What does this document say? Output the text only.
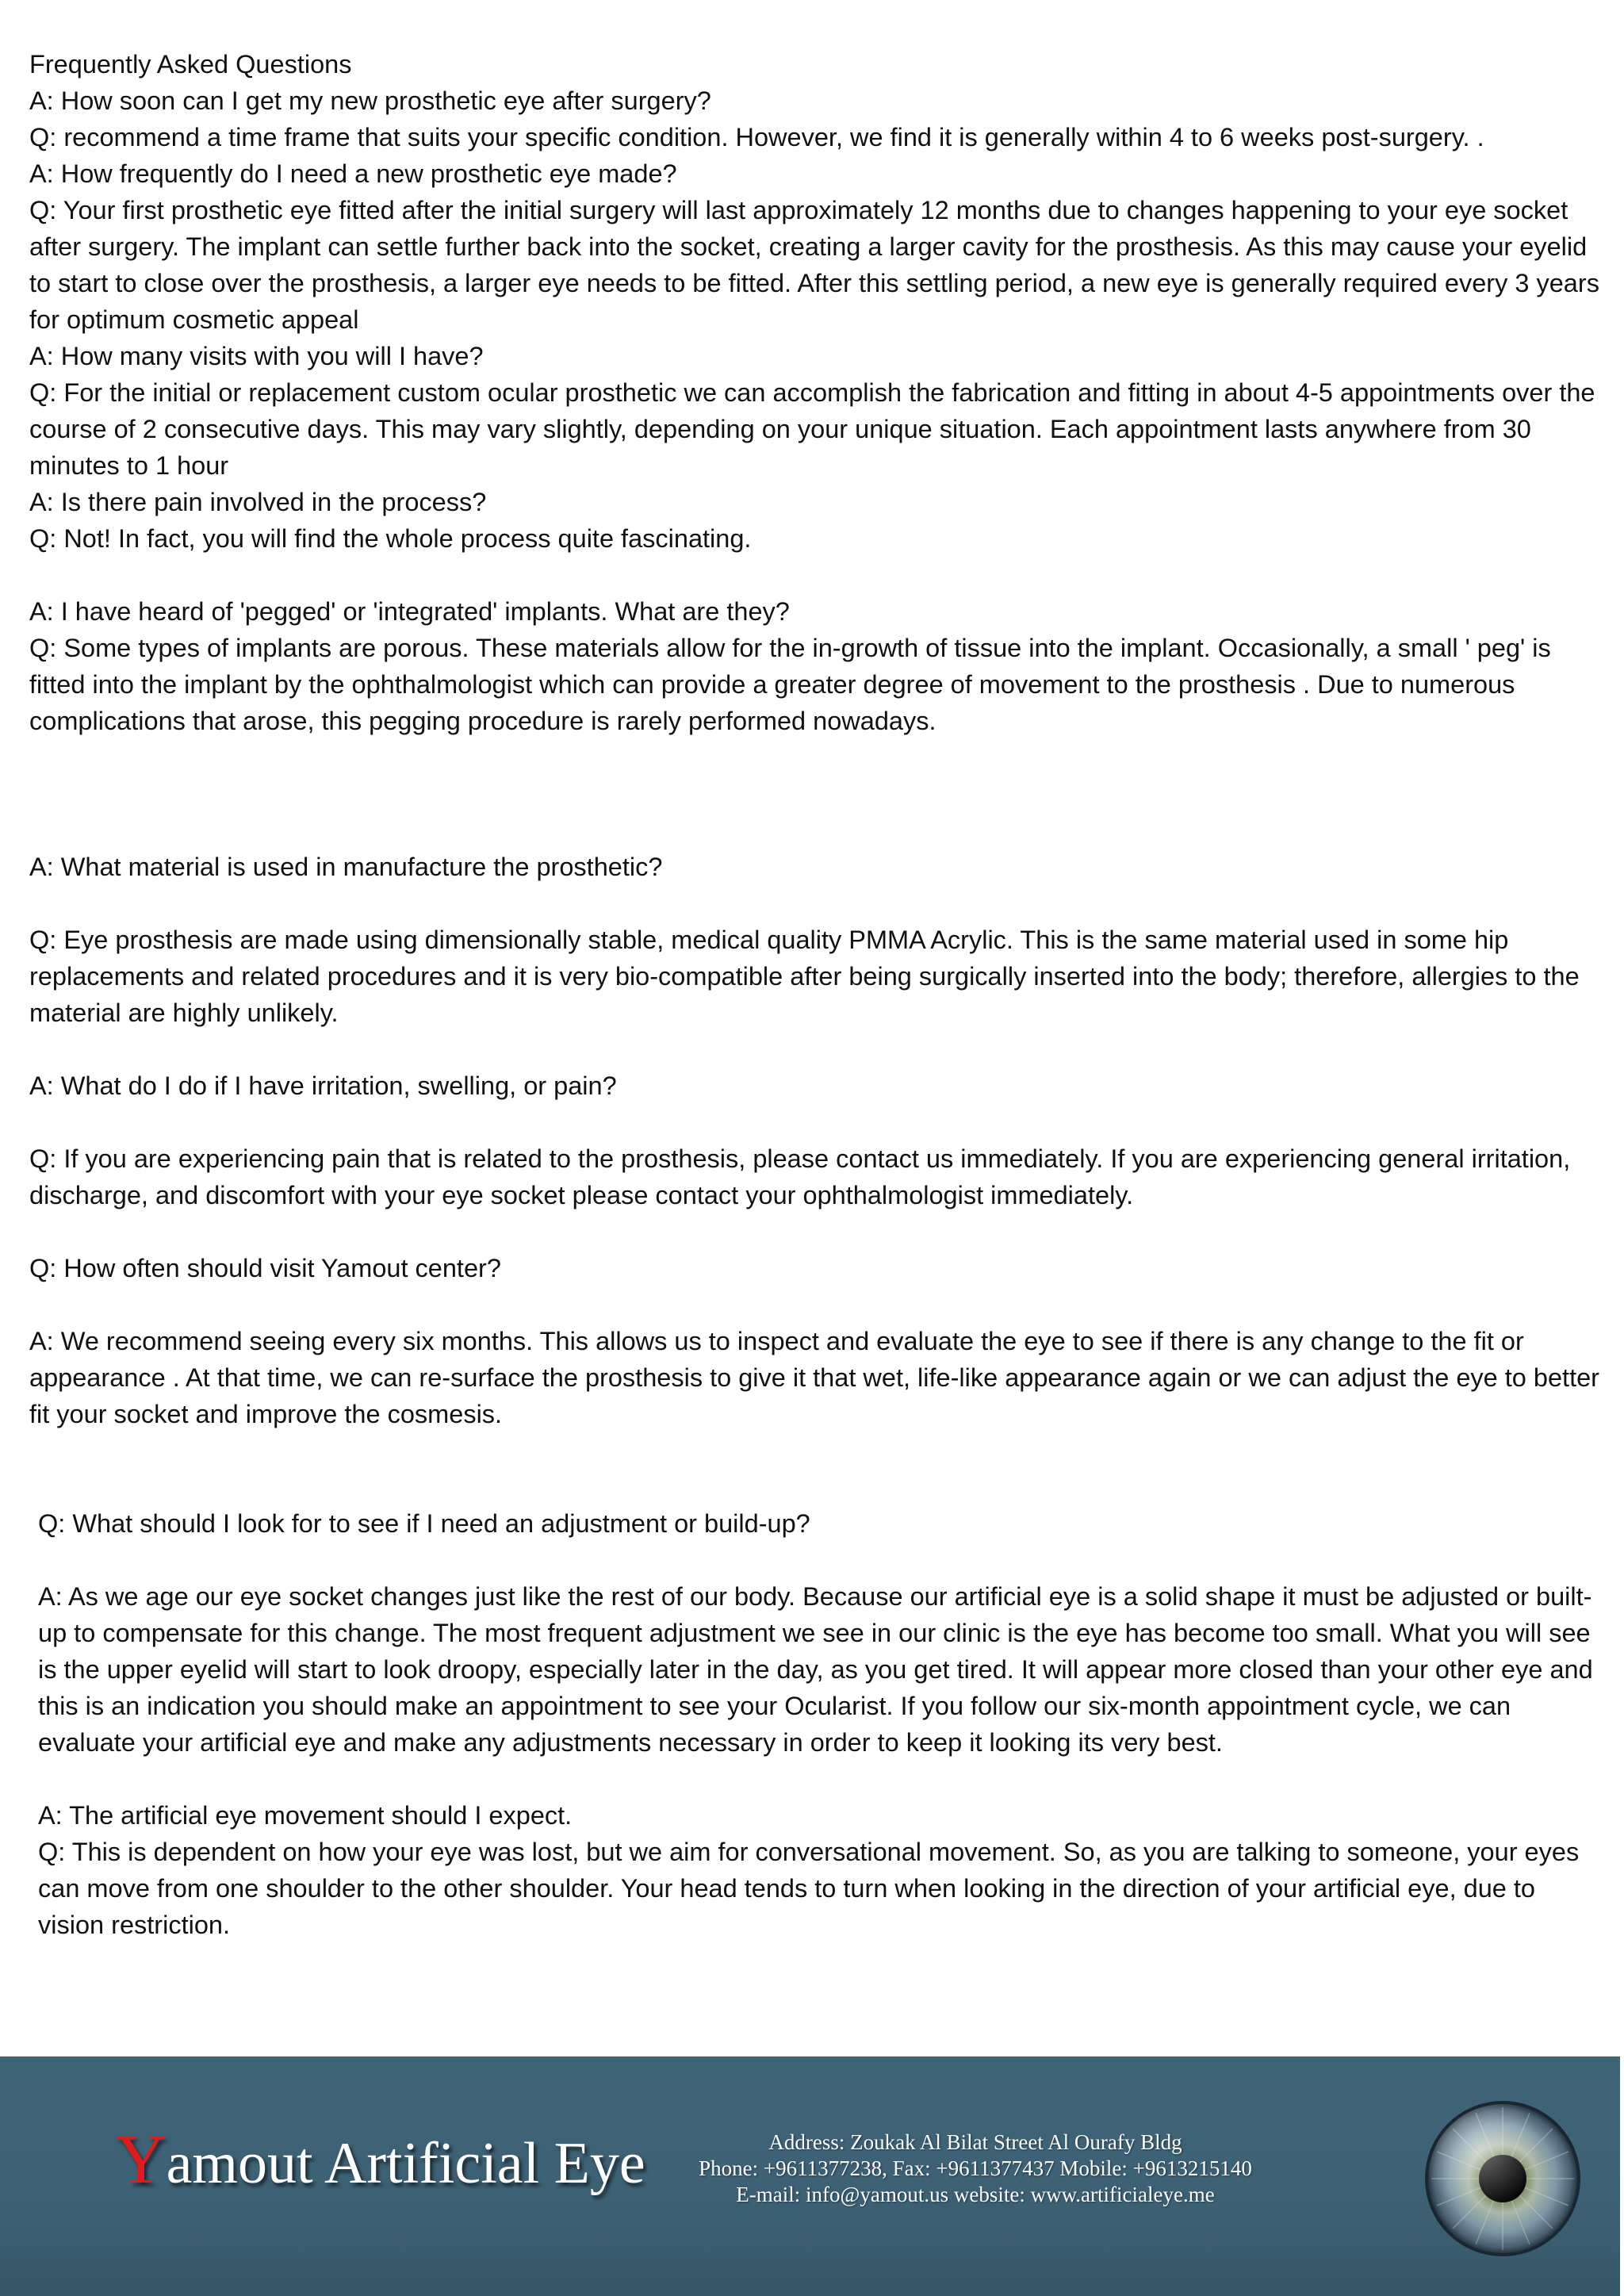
Frequently Asked Questions

A: How soon can I get my new prosthetic eye after surgery?

Q: recommend a time frame that suits your specific condition. However, we find it is generally within 4 to 6 weeks post-surgery. .

A: How frequently do I need a new prosthetic eye made?

Q: Your first prosthetic eye fitted after the initial surgery will last approximately 12 months due to changes happening to your eye socket after surgery. The implant can settle further back into the socket, creating a larger cavity for the prosthesis. As this may cause your eyelid to start to close over the prosthesis, a larger eye needs to be fitted. After this settling period, a new eye is generally required every 3 years for optimum cosmetic appeal

A: How many visits with you will I have?

Q: For the initial or replacement custom ocular prosthetic we can accomplish the fabrication and fitting in about 4-5 appointments over the course of 2 consecutive days. This may vary slightly, depending on your unique situation. Each appointment lasts anywhere from 30 minutes to 1 hour

A: Is there pain involved in the process?

Q: Not! In fact, you will find the whole process quite fascinating.

A: I have heard of 'pegged' or 'integrated' implants. What are they?

Q: Some types of implants are porous. These materials allow for the in-growth of tissue into the implant. Occasionally, a small ' peg' is fitted into the implant by the ophthalmologist which can provide a greater degree of movement to the prosthesis . Due to numerous complications that arose, this pegging procedure is rarely performed nowadays.

A: What material is used in manufacture the prosthetic?

Q: Eye prosthesis are made using dimensionally stable, medical quality PMMA Acrylic. This is the same material used in some hip replacements and related procedures and it is very bio-compatible after being surgically inserted into the body; therefore, allergies to the material are highly unlikely.

A: What do I do if I have irritation, swelling, or pain?

Q: If you are experiencing pain that is related to the prosthesis, please contact us immediately. If you are experiencing general irritation, discharge, and discomfort with your eye socket please contact your ophthalmologist immediately.

Q: How often should visit Yamout center?

A: We recommend seeing every six months. This allows us to inspect and evaluate the eye to see if there is any change to the fit or appearance . At that time, we can re-surface the prosthesis to give it that wet, life-like appearance again or we can adjust the eye to better fit your socket and improve the cosmesis.

Q: What should I look for to see if I need an adjustment or build-up?

A: As we age our eye socket changes just like the rest of our body. Because our artificial eye is a solid shape it must be adjusted or built-up to compensate for this change. The most frequent adjustment we see in our clinic is the eye has become too small. What you will see is the upper eyelid will start to look droopy, especially later in the day, as you get tired. It will appear more closed than your other eye and this is an indication you should make an appointment to see your Ocularist. If you follow our six-month appointment cycle, we can evaluate your artificial eye and make any adjustments necessary in order to keep it looking its very best.

A: The artificial eye movement should I expect.

Q: This is dependent on how your eye was lost, but we aim for conversational movement. So, as you are talking to someone, your eyes can move from one shoulder to the other shoulder. Your head tends to turn when looking in the direction of your artificial eye, due to vision restriction.

Yamout Artificial Eye	Address: Zoukak Al Bilat Street Al Ourafy Bldg

Phone: +9611377238, Fax: +9611377437 Mobile: +9613215140

E-mail: info@yamout.us website: www.artificialeye.me
